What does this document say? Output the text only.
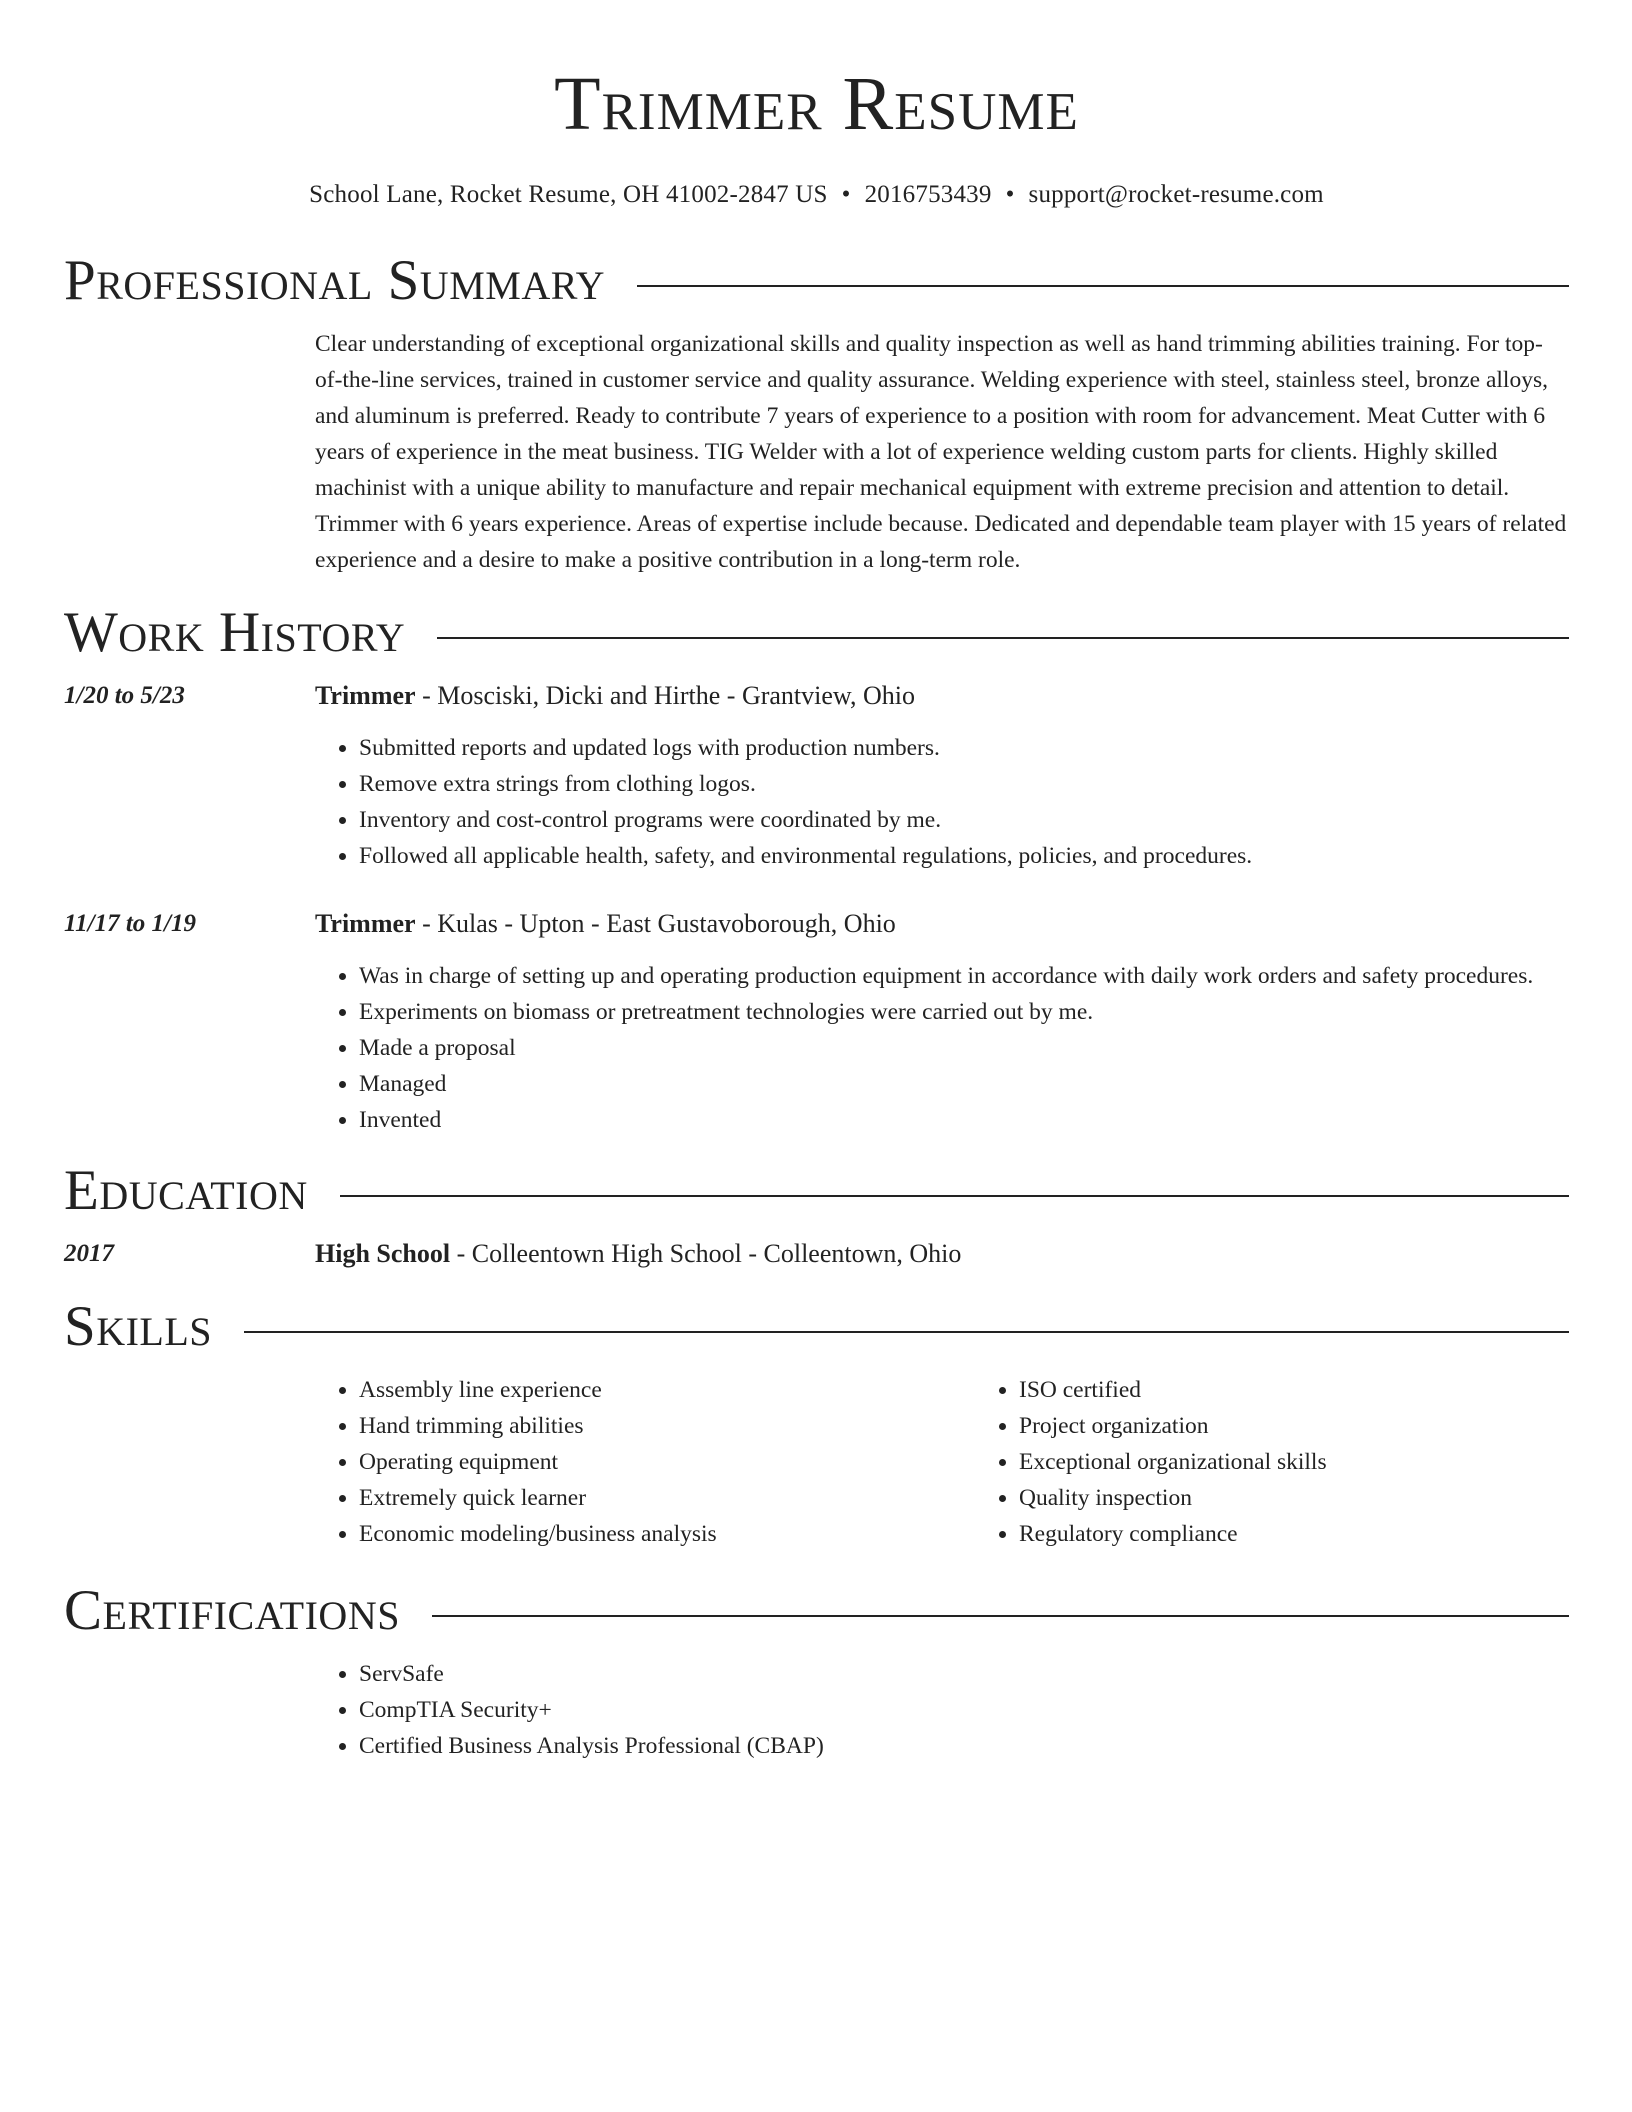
Trimmer Resume
School Lane, Rocket Resume, OH 41002-2847 US • 2016753439 • support@rocket-resume.com
Professional Summary
Clear understanding of exceptional organizational skills and quality inspection as well as hand trimming abilities training. For top-of-the-line services, trained in customer service and quality assurance. Welding experience with steel, stainless steel, bronze alloys, and aluminum is preferred. Ready to contribute 7 years of experience to a position with room for advancement. Meat Cutter with 6 years of experience in the meat business. TIG Welder with a lot of experience welding custom parts for clients. Highly skilled machinist with a unique ability to manufacture and repair mechanical equipment with extreme precision and attention to detail. Trimmer with 6 years experience. Areas of expertise include because. Dedicated and dependable team player with 15 years of related experience and a desire to make a positive contribution in a long-term role.
Work History
1/20 to 5/23	Trimmer - Mosciski, Dicki and Hirthe - Grantview, Ohio
• Submitted reports and updated logs with production numbers.
• Remove extra strings from clothing logos.
• Inventory and cost-control programs were coordinated by me.
• Followed all applicable health, safety, and environmental regulations, policies, and procedures.
11/17 to 1/19	Trimmer - Kulas - Upton - East Gustavoborough, Ohio
• Was in charge of setting up and operating production equipment in accordance with daily work orders and safety procedures.
• Experiments on biomass or pretreatment technologies were carried out by me.
• Made a proposal
• Managed
• Invented
Education
2017	High School - Colleentown High School - Colleentown, Ohio
Skills
• Assembly line experience
• Hand trimming abilities
• Operating equipment
• Extremely quick learner
• Economic modeling/business analysis
• ISO certified
• Project organization
• Exceptional organizational skills
• Quality inspection
• Regulatory compliance
Certifications
• ServSafe
• CompTIA Security+
• Certified Business Analysis Professional (CBAP)
